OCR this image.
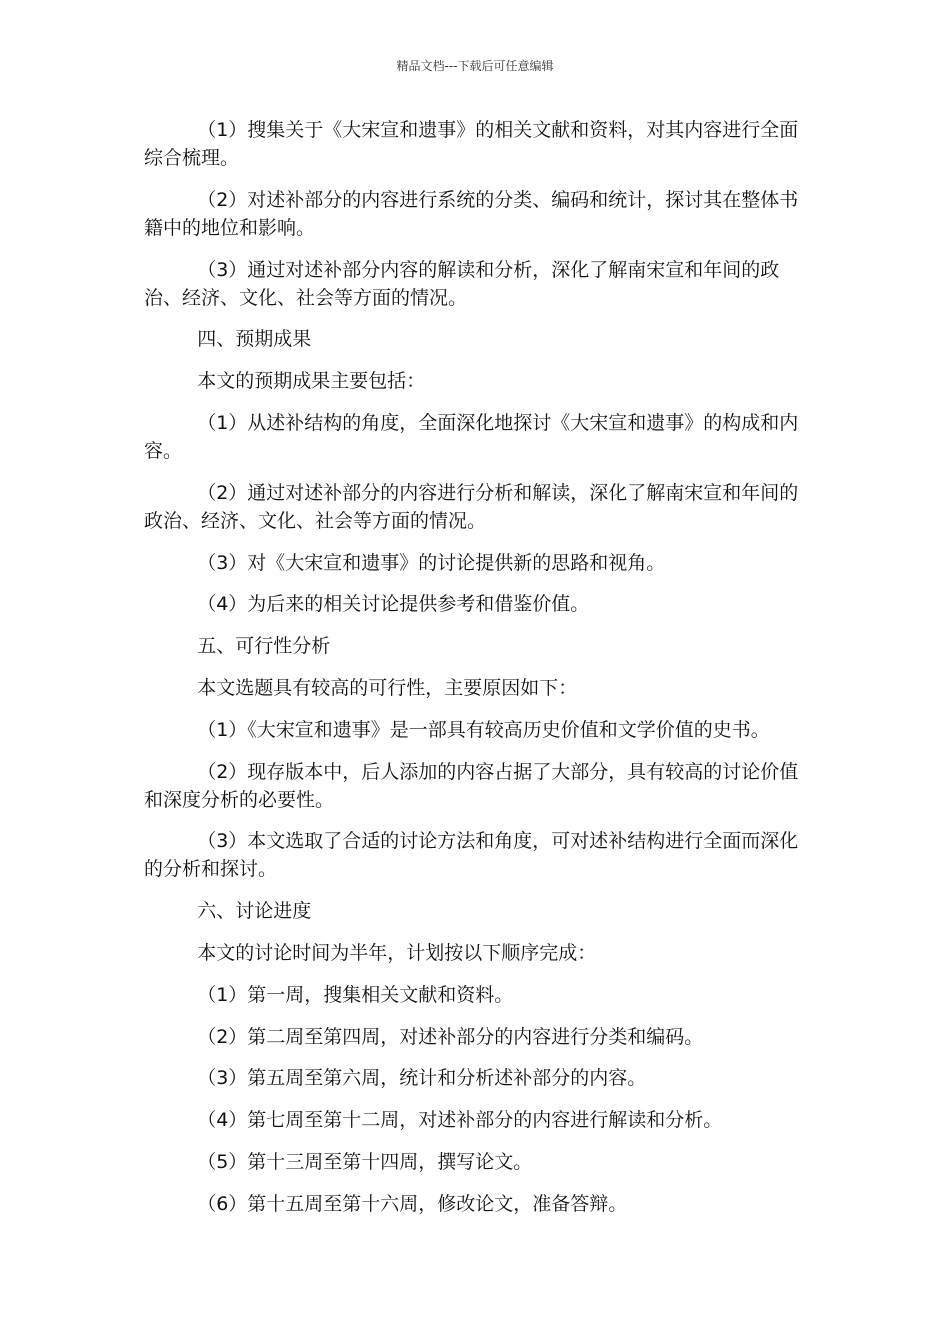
精品文档---下载后可任意编辑

（1）搜集关于《大宋宣和遗事》的相关文献和资料，对其内容进行全面综合梳理。

（2）对述补部分的内容进行系统的分类、编码和统计，探讨其在整体书籍中的地位和影响。

（3）通过对述补部分内容的解读和分析，深化了解南宋宣和年间的政治、经济、文化、社会等方面的情况。

四、预期成果

本文的预期成果主要包括：

（1）从述补结构的角度，全面深化地探讨《大宋宣和遗事》的构成和内容。

（2）通过对述补部分的内容进行分析和解读，深化了解南宋宣和年间的政治、经济、文化、社会等方面的情况。

（3）对《大宋宣和遗事》的讨论提供新的思路和视角。

（4）为后来的相关讨论提供参考和借鉴价值。

五、可行性分析

本文选题具有较高的可行性，主要原因如下：

（1）《大宋宣和遗事》是一部具有较高历史价值和文学价值的史书。

（2）现存版本中，后人添加的内容占据了大部分，具有较高的讨论价值和深度分析的必要性。

（3）本文选取了合适的讨论方法和角度，可对述补结构进行全面而深化的分析和探讨。

六、讨论进度

本文的讨论时间为半年，计划按以下顺序完成：

（1）第一周，搜集相关文献和资料。

（2）第二周至第四周，对述补部分的内容进行分类和编码。

（3）第五周至第六周，统计和分析述补部分的内容。

（4）第七周至第十二周，对述补部分的内容进行解读和分析。

（5）第十三周至第十四周，撰写论文。

（6）第十五周至第十六周，修改论文，准备答辩。
